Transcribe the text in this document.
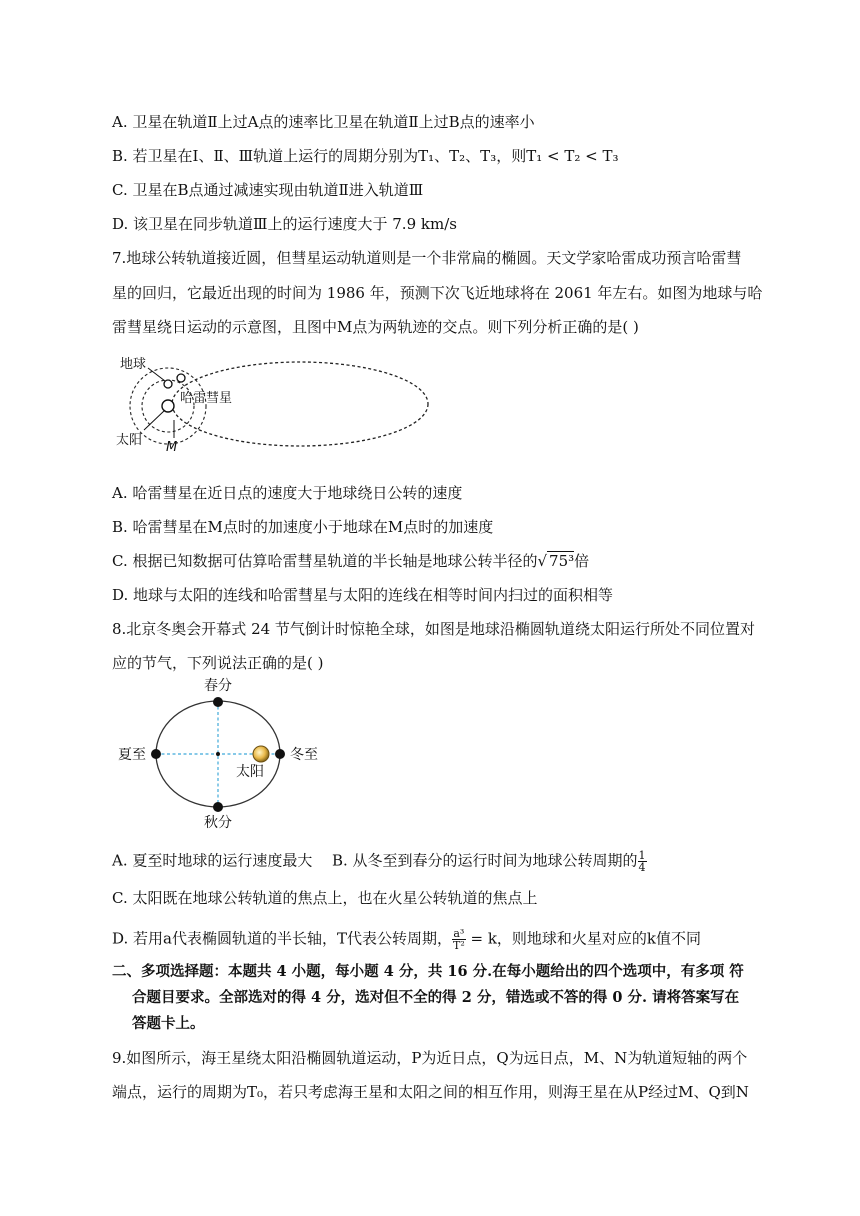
A. 卫星在轨道Ⅱ上过A点的速率比卫星在轨道Ⅱ上过B点的速率小
B. 若卫星在Ⅰ、Ⅱ、Ⅲ轨道上运行的周期分别为T₁、T₂、T₃，则T₁ < T₂ < T₃
C. 卫星在B点通过减速实现由轨道Ⅱ进入轨道Ⅲ
D. 该卫星在同步轨道Ⅲ上的运行速度大于 7.9 km/s
7.地球公转轨道接近圆，但彗星运动轨道则是一个非常扁的椭圆。天文学家哈雷成功预言哈雷彗
星的回归，它最近出现的时间为 1986 年，预测下次飞近地球将在 2061 年左右。如图为地球与哈
雷彗星绕日运动的示意图，且图中M点为两轨迹的交点。则下列分析正确的是( )
地球
哈雷彗星
太阳 M
A. 哈雷彗星在近日点的速度大于地球绕日公转的速度
B. 哈雷彗星在M点时的加速度小于地球在M点时的加速度
C. 根据已知数据可估算哈雷彗星轨道的半长轴是地球公转半径的√ 75³倍
D. 地球与太阳的连线和哈雷彗星与太阳的连线在相等时间内扫过的面积相等
8.北京冬奥会开幕式 24 节气倒计时惊艳全球，如图是地球沿椭圆轨道绕太阳运行所处不同位置对
应的节气，下列说法正确的是( )
春分
秋分
夏至	冬至
太阳
A. 夏至时地球的运行速度最大 B. 从冬至到春分的运行时间为地球公转周期的 $\frac{1}{4}$
C. 太阳既在地球公转轨道的焦点上，也在火星公转轨道的焦点上
D. 若用a代表椭圆轨道的半长轴，T代表公转周期， $\frac{\text{a³}}{\text{T²}} = k$，则地球和火星对应的k值不同
二、多项选择题：本题共 4 小题，每小题 4 分，共 16 分.在每小题给出的四个选项中，有多项 符
合题目要求。全部选对的得 4 分，选对但不全的得 2 分，错选或不答的得 0 分. 请将答案写在
答题卡上。
9.如图所示，海王星绕太阳沿椭圆轨道运动，P为近日点，Q为远日点，M、N为轨道短轴的两个
端点，运行的周期为T₀，若只考虑海王星和太阳之间的相互作用，则海王星在从P经过M、Q到N
